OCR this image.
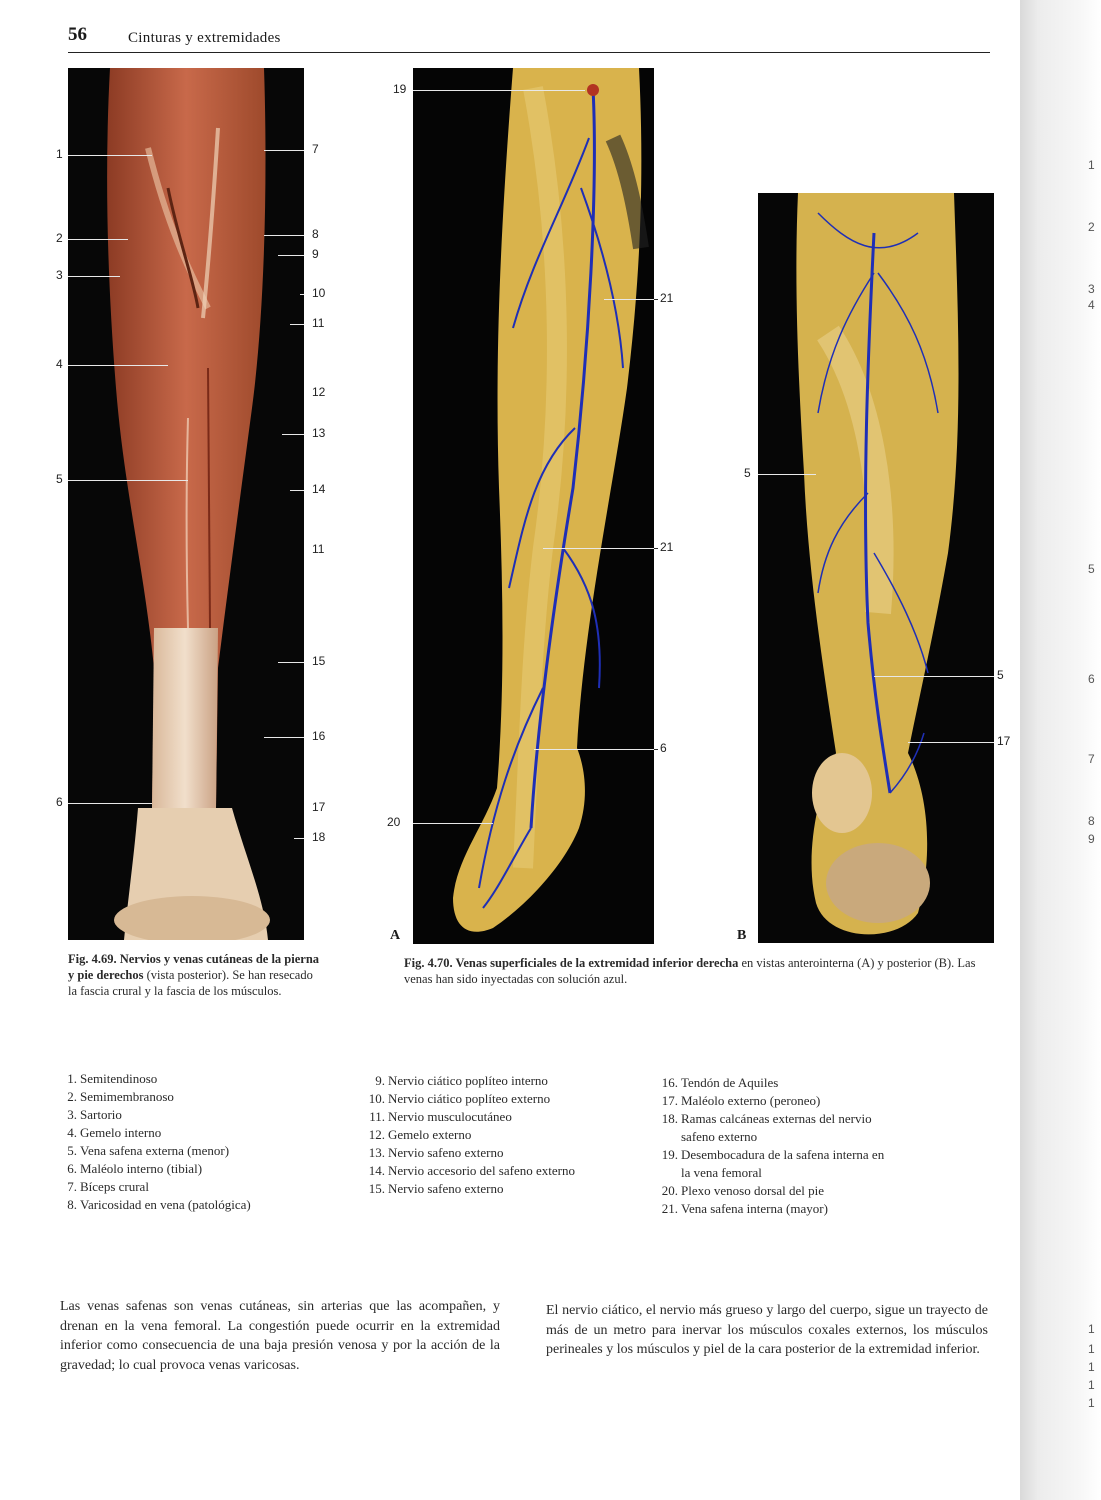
1
2
3
4
5
6
7
8
9
1
1
1
1
1
56	Cinturas y extremidades
1
2
3
4
5
6
7
8
9
10
11
12
13
14
11
15
16
17
18
19
21
21
6
20
5
5
17
A	B
Fig. 4.69. Nervios y venas cutáneas de la pierna y pie derechos (vista posterior). Se han resecado la fascia crural y la fascia de los músculos.
Fig. 4.70. Venas superficiales de la extremidad inferior derecha en vistas anterointerna (A) y posterior (B). Las venas han sido inyectadas con solución azul.
1. Semitendinoso
2. Semimembranoso
3. Sartorio
4. Gemelo interno
5. Vena safena externa (menor)
6. Maléolo interno (tibial)
7. Bíceps crural
8. Varicosidad en vena (patológica)
9. Nervio ciático poplíteo interno
10. Nervio ciático poplíteo externo
11. Nervio musculocutáneo
12. Gemelo externo
13. Nervio safeno externo
14. Nervio accesorio del safeno externo
15. Nervio safeno externo
16. Tendón de Aquiles
17. Maléolo externo (peroneo)
18. Ramas calcáneas externas del nervio safeno externo
19. Desembocadura de la safena interna en la vena femoral
20. Plexo venoso dorsal del pie
21. Vena safena interna (mayor)
Las venas safenas son venas cutáneas, sin arterias que las acompañen, y drenan en la vena femoral. La congestión puede ocurrir en la extremidad inferior como consecuencia de una baja presión venosa y por la acción de la gravedad; lo cual provoca venas varicosas.
El nervio ciático, el nervio más grueso y largo del cuerpo, sigue un trayecto de más de un metro para inervar los músculos coxales externos, los músculos perineales y los músculos y piel de la cara posterior de la extremidad inferior.
